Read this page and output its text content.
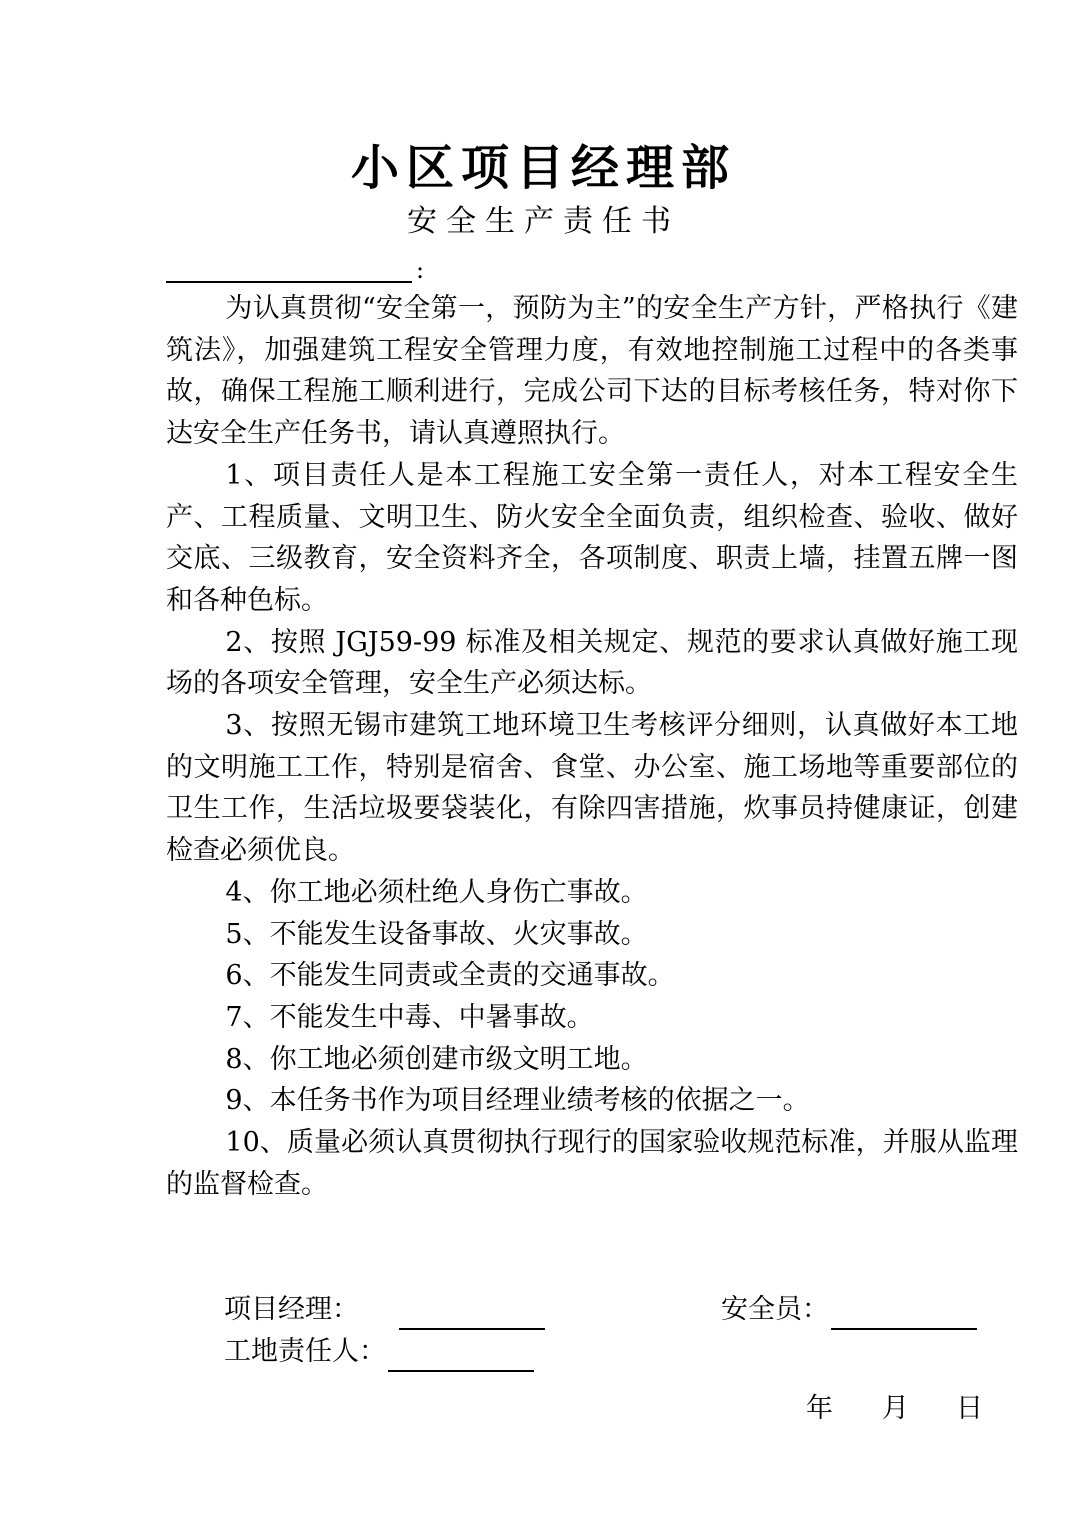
小区项目经理部
安全生产责任书
:

为认真贯彻“安全第一，预防为主”的安全生产方针，严格执行《建筑法》，加强建筑工程安全管理力度，有效地控制施工过程中的各类事故，确保工程施工顺利进行，完成公司下达的目标考核任务，特对你下达安全生产任务书，请认真遵照执行。

1、项目责任人是本工程施工安全第一责任人，对本工程安全生产、工程质量、文明卫生、防火安全全面负责，组织检查、验收、做好交底、三级教育，安全资料齐全，各项制度、职责上墙，挂置五牌一图和各种色标。

2、按照 JGJ59-99 标准及相关规定、规范的要求认真做好施工现场的各项安全管理，安全生产必须达标。

3、按照无锡市建筑工地环境卫生考核评分细则，认真做好本工地的文明施工工作，特别是宿舍、食堂、办公室、施工场地等重要部位的卫生工作，生活垃圾要袋装化，有除四害措施，炊事员持健康证，创建检查必须优良。

4、你工地必须杜绝人身伤亡事故。

5、不能发生设备事故、火灾事故。

6、不能发生同责或全责的交通事故。

7、不能发生中毒、中暑事故。

8、你工地必须创建市级文明工地。

9、本任务书作为项目经理业绩考核的依据之一。

10、质量必须认真贯彻执行现行的国家验收规范标准，并服从监理的监督检查。

项目经理：	安全员：
工地责任人：
年	月	日
